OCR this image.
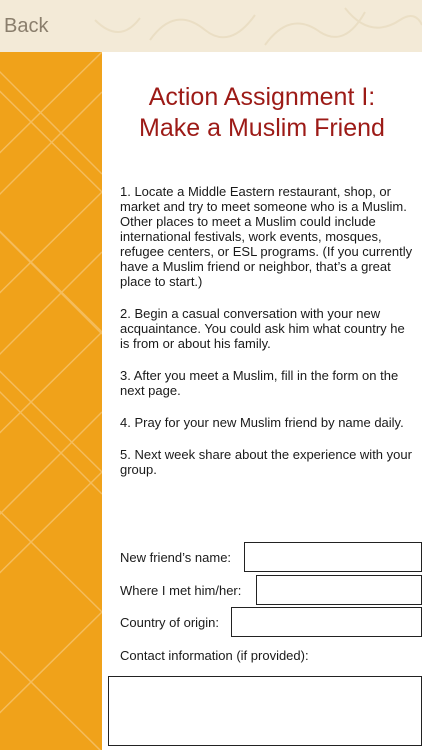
Back
Action Assignment I:
Make a Muslim Friend

1. Locate a Middle Eastern restaurant, shop, or market and try to meet someone who is a Muslim. Other places to meet a Muslim could include international festivals, work events, mosques, refugee centers, or ESL programs. (If you currently have a Muslim friend or neighbor, that’s a great place to start.)

2. Begin a casual conversation with your new acquaintance. You could ask him what country he is from or about his family.

3. After you meet a Muslim, fill in the form on the next page.

4. Pray for your new Muslim friend by name daily.

5. Next week share about the experience with your group.

New friend’s name:
Where I met him/her:
Country of origin:
Contact information (if provided):
